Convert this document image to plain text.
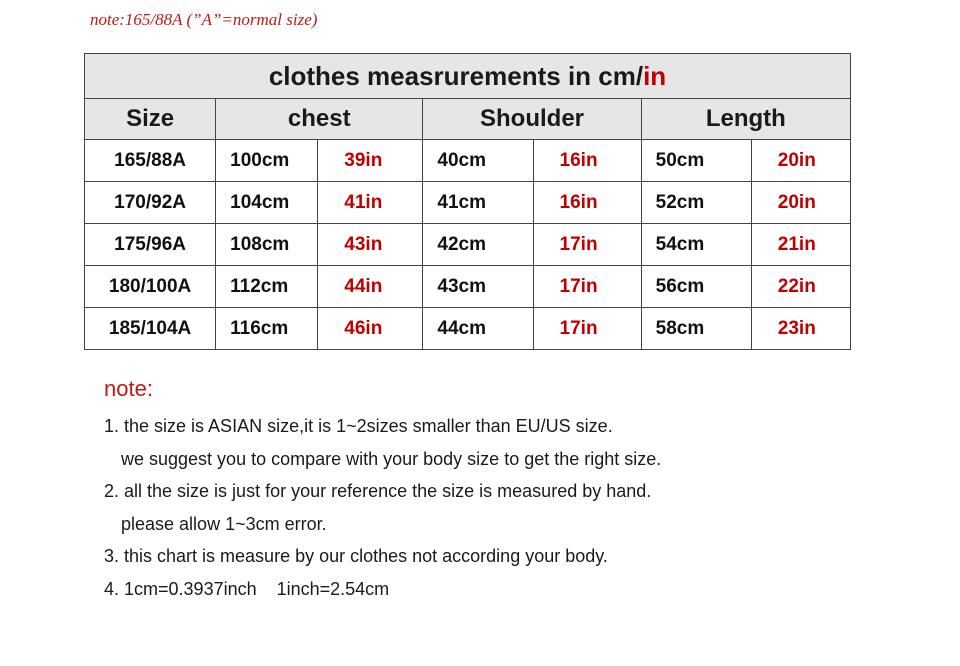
note:165/88A (”A”=normal size)
clothes measrurements in cm/in						
Size	chest		Shoulder		Length	
165/88A	100cm	39in	40cm	16in	50cm	20in
170/92A	104cm	41in	41cm	16in	52cm	20in
175/96A	108cm	43in	42cm	17in	54cm	21in
180/100A	112cm	44in	43cm	17in	56cm	22in
185/104A	116cm	46in	44cm	17in	58cm	23in
note:
1. the size is ASIAN size,it is 1~2sizes smaller than EU/US size.
we suggest you to compare with your body size to get the right size.
2. all the size is just for your reference the size is measured by hand.
please allow 1~3cm error.
3. this chart is measure by our clothes not according your body.
4. 1cm=0.3937inch    1inch=2.54cm
